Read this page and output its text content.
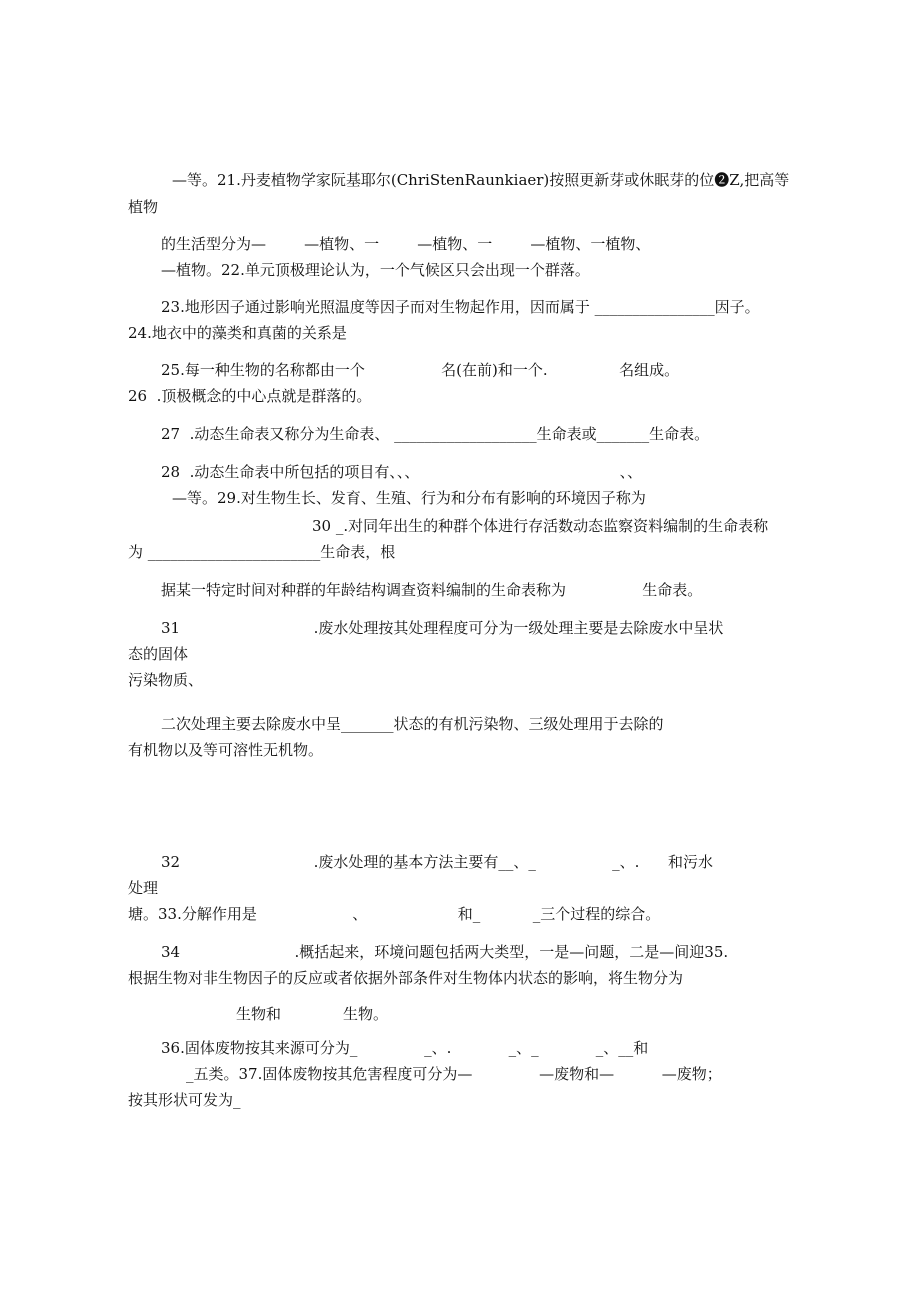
—等。21.丹麦植物学家阮基耶尔(ChriStenRaunkiaer)按照更新芽或休眠芽的位❷Z,把高等
植物
的生活型分为—        —植物、一        —植物、一        —植物、一植物、
—植物。22.单元顶极理论认为，一个气候区只会出现一个群落。
23.地形因子通过影响光照温度等因子而对生物起作用，因而属于 ________________因子。
24.地衣中的藻类和真菌的关系是
25.每一种生物的名称都由一个                名(在前)和一个.               名组成。
26  .顶极概念的中心点就是群落的。
27  .动态生命表又称分为生命表、 ___________________生命表或_______生命表。
28  .动态生命表中所包括的项目有、、、                                          、、
—等。29.对生物生长、发育、生殖、行为和分布有影响的环境因子称为
30 _.对同年出生的种群个体进行存活数动态监察资料编制的生命表称
为 _______________________生命表，根
据某一特定时间对种群的年龄结构调查资料编制的生命表称为                生命表。
31                            .废水处理按其处理程度可分为一级处理主要是去除废水中呈状
态的固体
污染物质、
二次处理主要去除废水中呈_______状态的有机污染物、三级处理用于去除的
有机物以及等可溶性无机物。
32                            .废水处理的基本方法主要有__、_                _、.      和污水
处理
塘。33.分解作用是                    、                   和_           _三个过程的综合。
34                        .概括起来，环境问题包括两大类型，一是—问题，二是—间迎35.
根据生物对非生物因子的反应或者依据外部条件对生物体内状态的影响，将生物分为
生物和             生物。
36.固体废物按其来源可分为_              _、.            _、_            _、__和
_五类。37.固体废物按其危害程度可分为—              —废物和—          —废物；
按其形状可发为_
